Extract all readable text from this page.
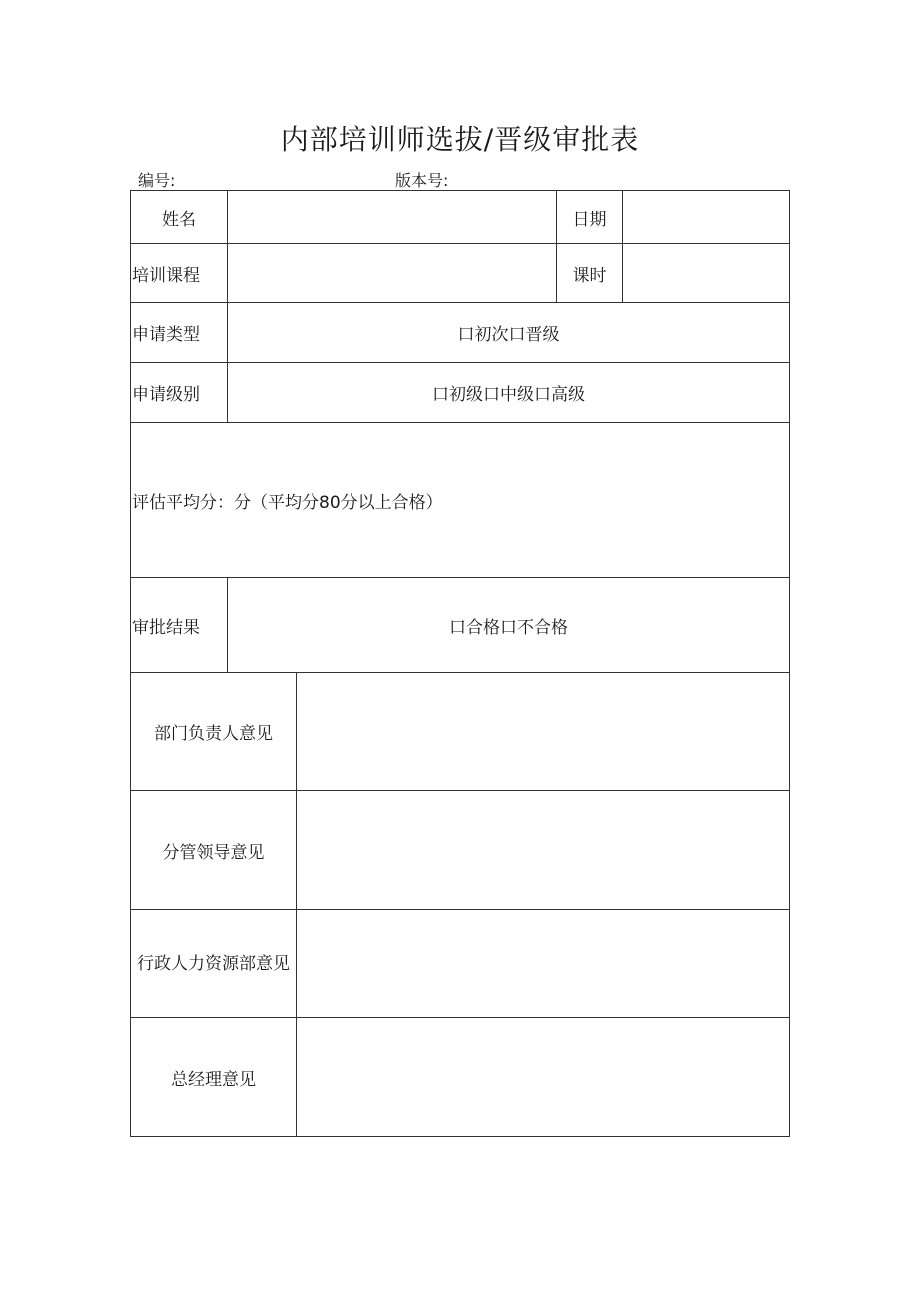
内部培训师选拔/晋级审批表
编号:	版本号:
姓名			日期	
培训课程			课时	
申请类型	口初次口晋级			
申请级别	口初级口中级口高级			
评估平均分：分（平均分80分以上合格）				
审批结果	口合格口不合格			
部门负责人意见				
分管领导意见				
行政人力资源部意见				
总经理意见				
